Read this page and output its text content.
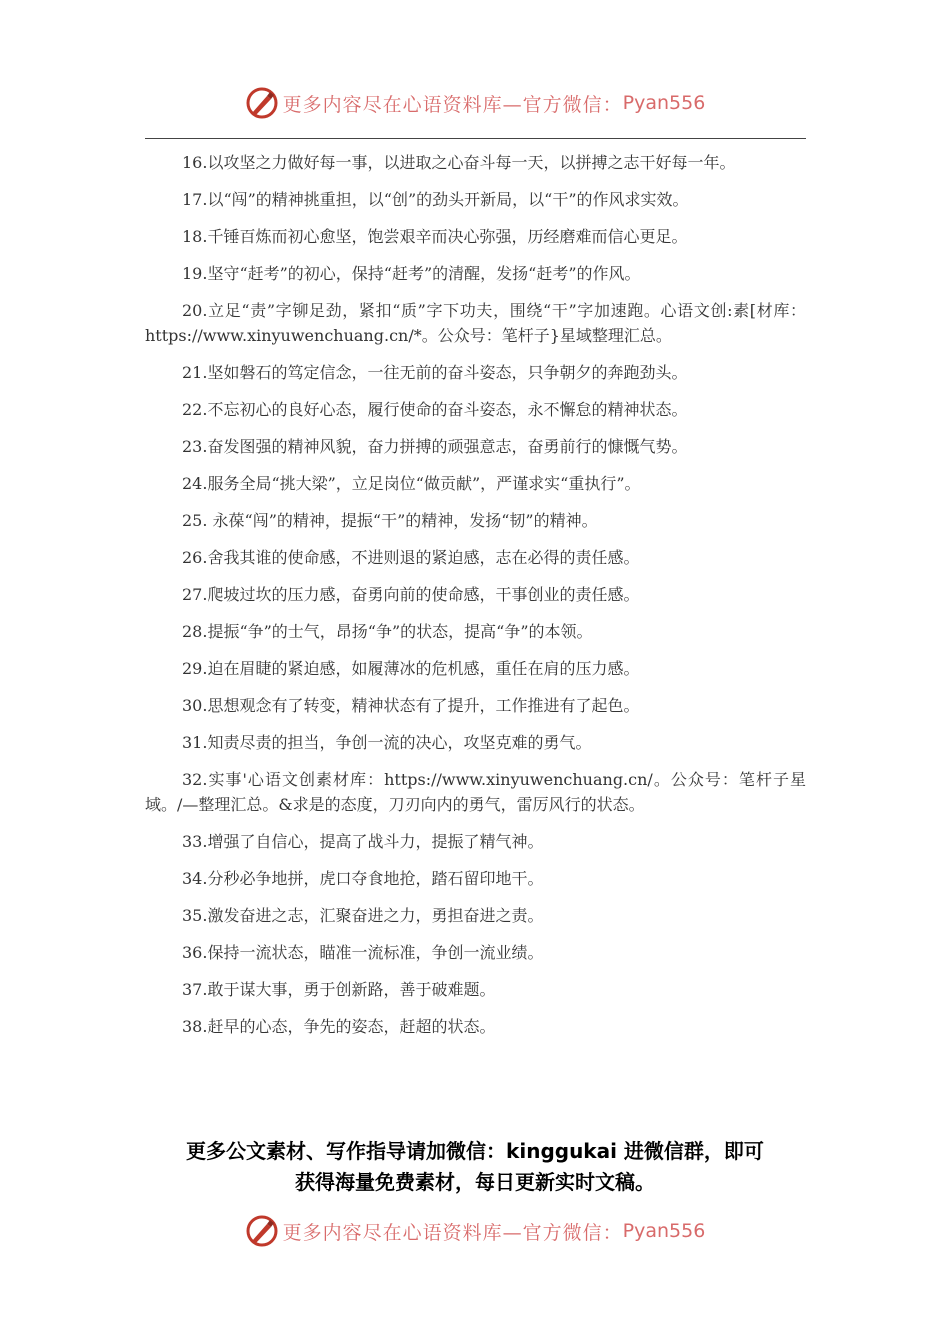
更多内容尽在心语资料库—官方微信： Pyan556

16.以攻坚之力做好每一事，以进取之心奋斗每一天，以拼搏之志干好每一年。

17.以“闯”的精神挑重担，以“创”的劲头开新局，以“干”的作风求实效。

18.千锤百炼而初心愈坚，饱尝艰辛而决心弥强，历经磨难而信心更足。

19.坚守“赶考”的初心，保持“赶考”的清醒，发扬“赶考”的作风。

20.立足“责”字铆足劲，紧扣“质”字下功夫，围绕“干”字加速跑。心语文创:素[材库：https://www.xinyuwenchuang.cn/*。公众号：笔杆子}星域整理汇总。

21.坚如磐石的笃定信念，一往无前的奋斗姿态，只争朝夕的奔跑劲头。

22.不忘初心的良好心态，履行使命的奋斗姿态，永不懈怠的精神状态。

23.奋发图强的精神风貌，奋力拼搏的顽强意志，奋勇前行的慷慨气势。

24.服务全局“挑大梁”，立足岗位“做贡献”，严谨求实“重执行”。

25. 永葆“闯”的精神，提振“干”的精神，发扬“韧”的精神。

26.舍我其谁的使命感，不进则退的紧迫感，志在必得的责任感。

27.爬坡过坎的压力感，奋勇向前的使命感，干事创业的责任感。

28.提振“争”的士气，昂扬“争”的状态，提高“争”的本领。

29.迫在眉睫的紧迫感，如履薄冰的危机感，重任在肩的压力感。

30.思想观念有了转变，精神状态有了提升，工作推进有了起色。

31.知责尽责的担当，争创一流的决心，攻坚克难的勇气。

32.实事'心语文创素材库：https://www.xinyuwenchuang.cn/。公众号：笔杆子星域。/—整理汇总。&求是的态度，刀刃向内的勇气，雷厉风行的状态。

33.增强了自信心，提高了战斗力，提振了精气神。

34.分秒必争地拼，虎口夺食地抢，踏石留印地干。

35.激发奋进之志，汇聚奋进之力，勇担奋进之责。

36.保持一流状态，瞄准一流标准，争创一流业绩。

37.敢于谋大事，勇于创新路，善于破难题。

38.赶早的心态，争先的姿态，赶超的状态。

更多公文素材、写作指导请加微信：kinggukai 进微信群，即可
获得海量免费素材，每日更新实时文稿。
更多内容尽在心语资料库—官方微信： Pyan556
